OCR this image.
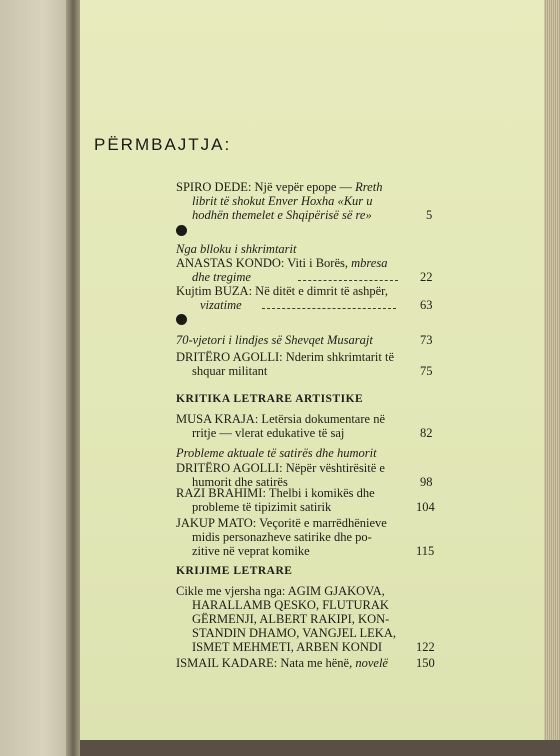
PËRMBAJTJA:
SPIRO DEDE: Një vepër epope — Rreth
librit të shokut Enver Hoxha «Kur u
hodhën themelet e Shqipërisë së re»	5
Nga blloku i shkrimtarit
ANASTAS KONDO: Viti i Borës, mbresa
dhe tregime	22
Kujtim BUZA: Në ditët e dimrit të ashpër,
vizatime	63
70-vjetori i lindjes së Shevqet Musarajt	73
DRITËRO AGOLLI: Nderim shkrimtarit të
shquar militant	75
KRITIKA LETRARE ARTISTIKE
MUSA KRAJA: Letërsia dokumentare në
rritje — vlerat edukative të saj	82
Probleme aktuale të satirës dhe humorit
DRITËRO AGOLLI: Nëpër vështirësitë e
humorit dhe satirës	98
RAZI BRAHIMI: Thelbi i komikës dhe
probleme të tipizimit satirik	104
JAKUP MATO: Veçoritë e marrëdhënieve
midis personazheve satirike dhe po-
zitive në veprat komike	115
KRIJIME LETRARE
Cikle me vjersha nga: AGIM GJAKOVA,
HARALLAMB QESKO, FLUTURAK
GËRMENJI, ALBERT RAKIPI, KON-
STANDIN DHAMO, VANGJEL LEKA,
ISMET MEHMETI, ARBEN KONDI	122
ISMAIL KADARE: Nata me hënë, novelë 150
